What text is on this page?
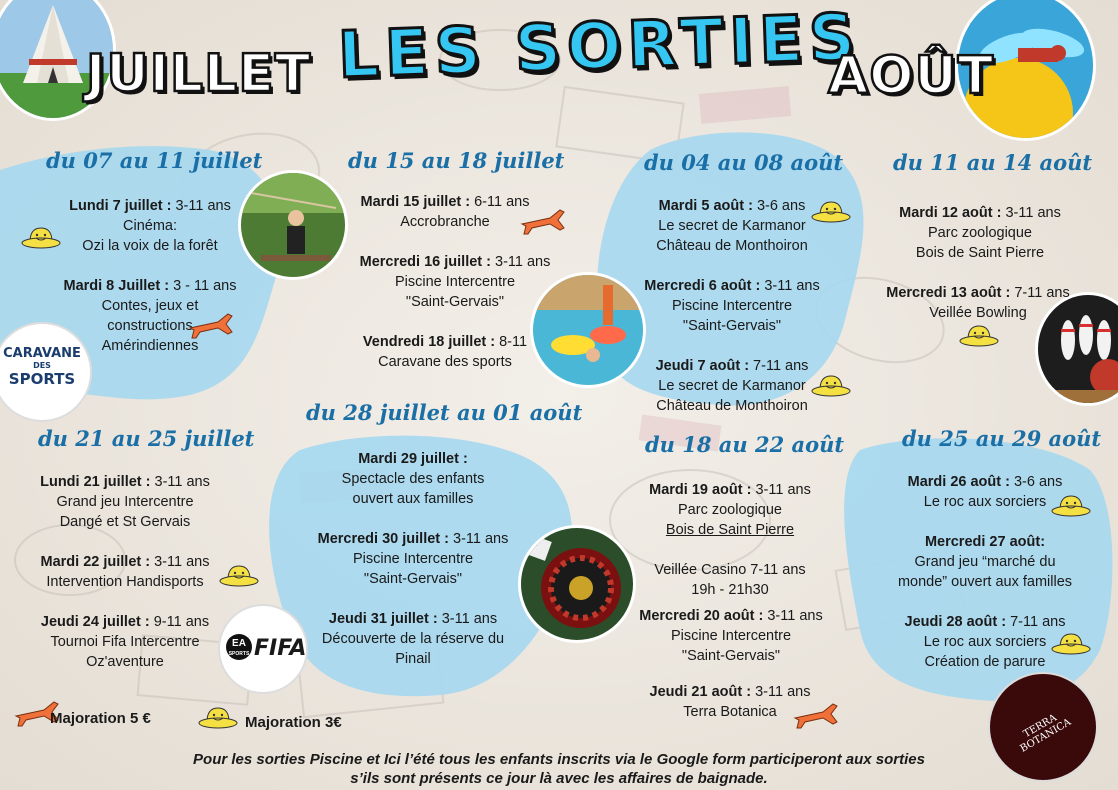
CARAVANE
DES
SPORTS
EA
SPORTS FIFA
TERRA BOTANICA
JUILLET LES SORTIES
AOÛT
du 07 au 11 juillet	du 15 au 18 juillet	du 04 au 08 août du 11 au 14 août
du 21 au 25 juillet
du 28 juillet au 01 août
du 18 au 22 août	du 25 au 29 août
Lundi 7 juillet : 3-11 ans
Cinéma:
Ozi la voix de la forêt
Mardi 8 Juillet : 3 - 11 ans
Contes, jeux et
constructions
Amérindiennes
Mardi 15 juillet : 6-11 ans
Accrobranche
Mercredi 16 juillet : 3-11 ans
Piscine Intercentre
"Saint-Gervais"
Vendredi 18 juillet : 8-11
Caravane des sports
Mardi 5 août : 3-6 ans
Le secret de Karmanor
Château de Monthoiron
Mercredi 6 août : 3-11 ans
Piscine Intercentre
"Saint-Gervais"
Jeudi 7 août : 7-11 ans
Le secret de Karmanor
Château de Monthoiron
Mardi 12 août : 3-11 ans
Parc zoologique
Bois de Saint Pierre
Mercredi 13 août : 7-11 ans
Veillée Bowling
Lundi 21 juillet : 3-11 ans
Grand jeu Intercentre
Dangé et St Gervais
Mardi 22 juillet : 3-11 ans
Intervention Handisports
Jeudi 24 juillet : 9-11 ans
Tournoi Fifa Intercentre
Oz'aventure
Mardi 29 juillet :
Spectacle des enfants
ouvert aux familles
Mercredi 30 juillet : 3-11 ans
Piscine Intercentre
"Saint-Gervais"
Jeudi 31 juillet : 3-11 ans
Découverte de la réserve du
Pinail
Mardi 19 août : 3-11 ans
Parc zoologique
Bois de Saint Pierre

Veillée Casino 7-11 ans
19h - 21h30
Mercredi 20 août : 3-11 ans
Piscine Intercentre
"Saint-Gervais"
Jeudi 21 août : 3-11 ans
Terra Botanica
Mardi 26 août : 3-6 ans
Le roc aux sorciers
Mercredi 27 août:
Grand jeu “marché du
monde” ouvert aux familles
Jeudi 28 août : 7-11 ans
Le roc aux sorciers
Création de parure
Majoration 5 €	Majoration 3€
Pour les sorties Piscine et Ici l’été tous les enfants inscrits via le Google form participeront aux sorties
s’ils sont présents ce jour là avec les affaires de baignade.
